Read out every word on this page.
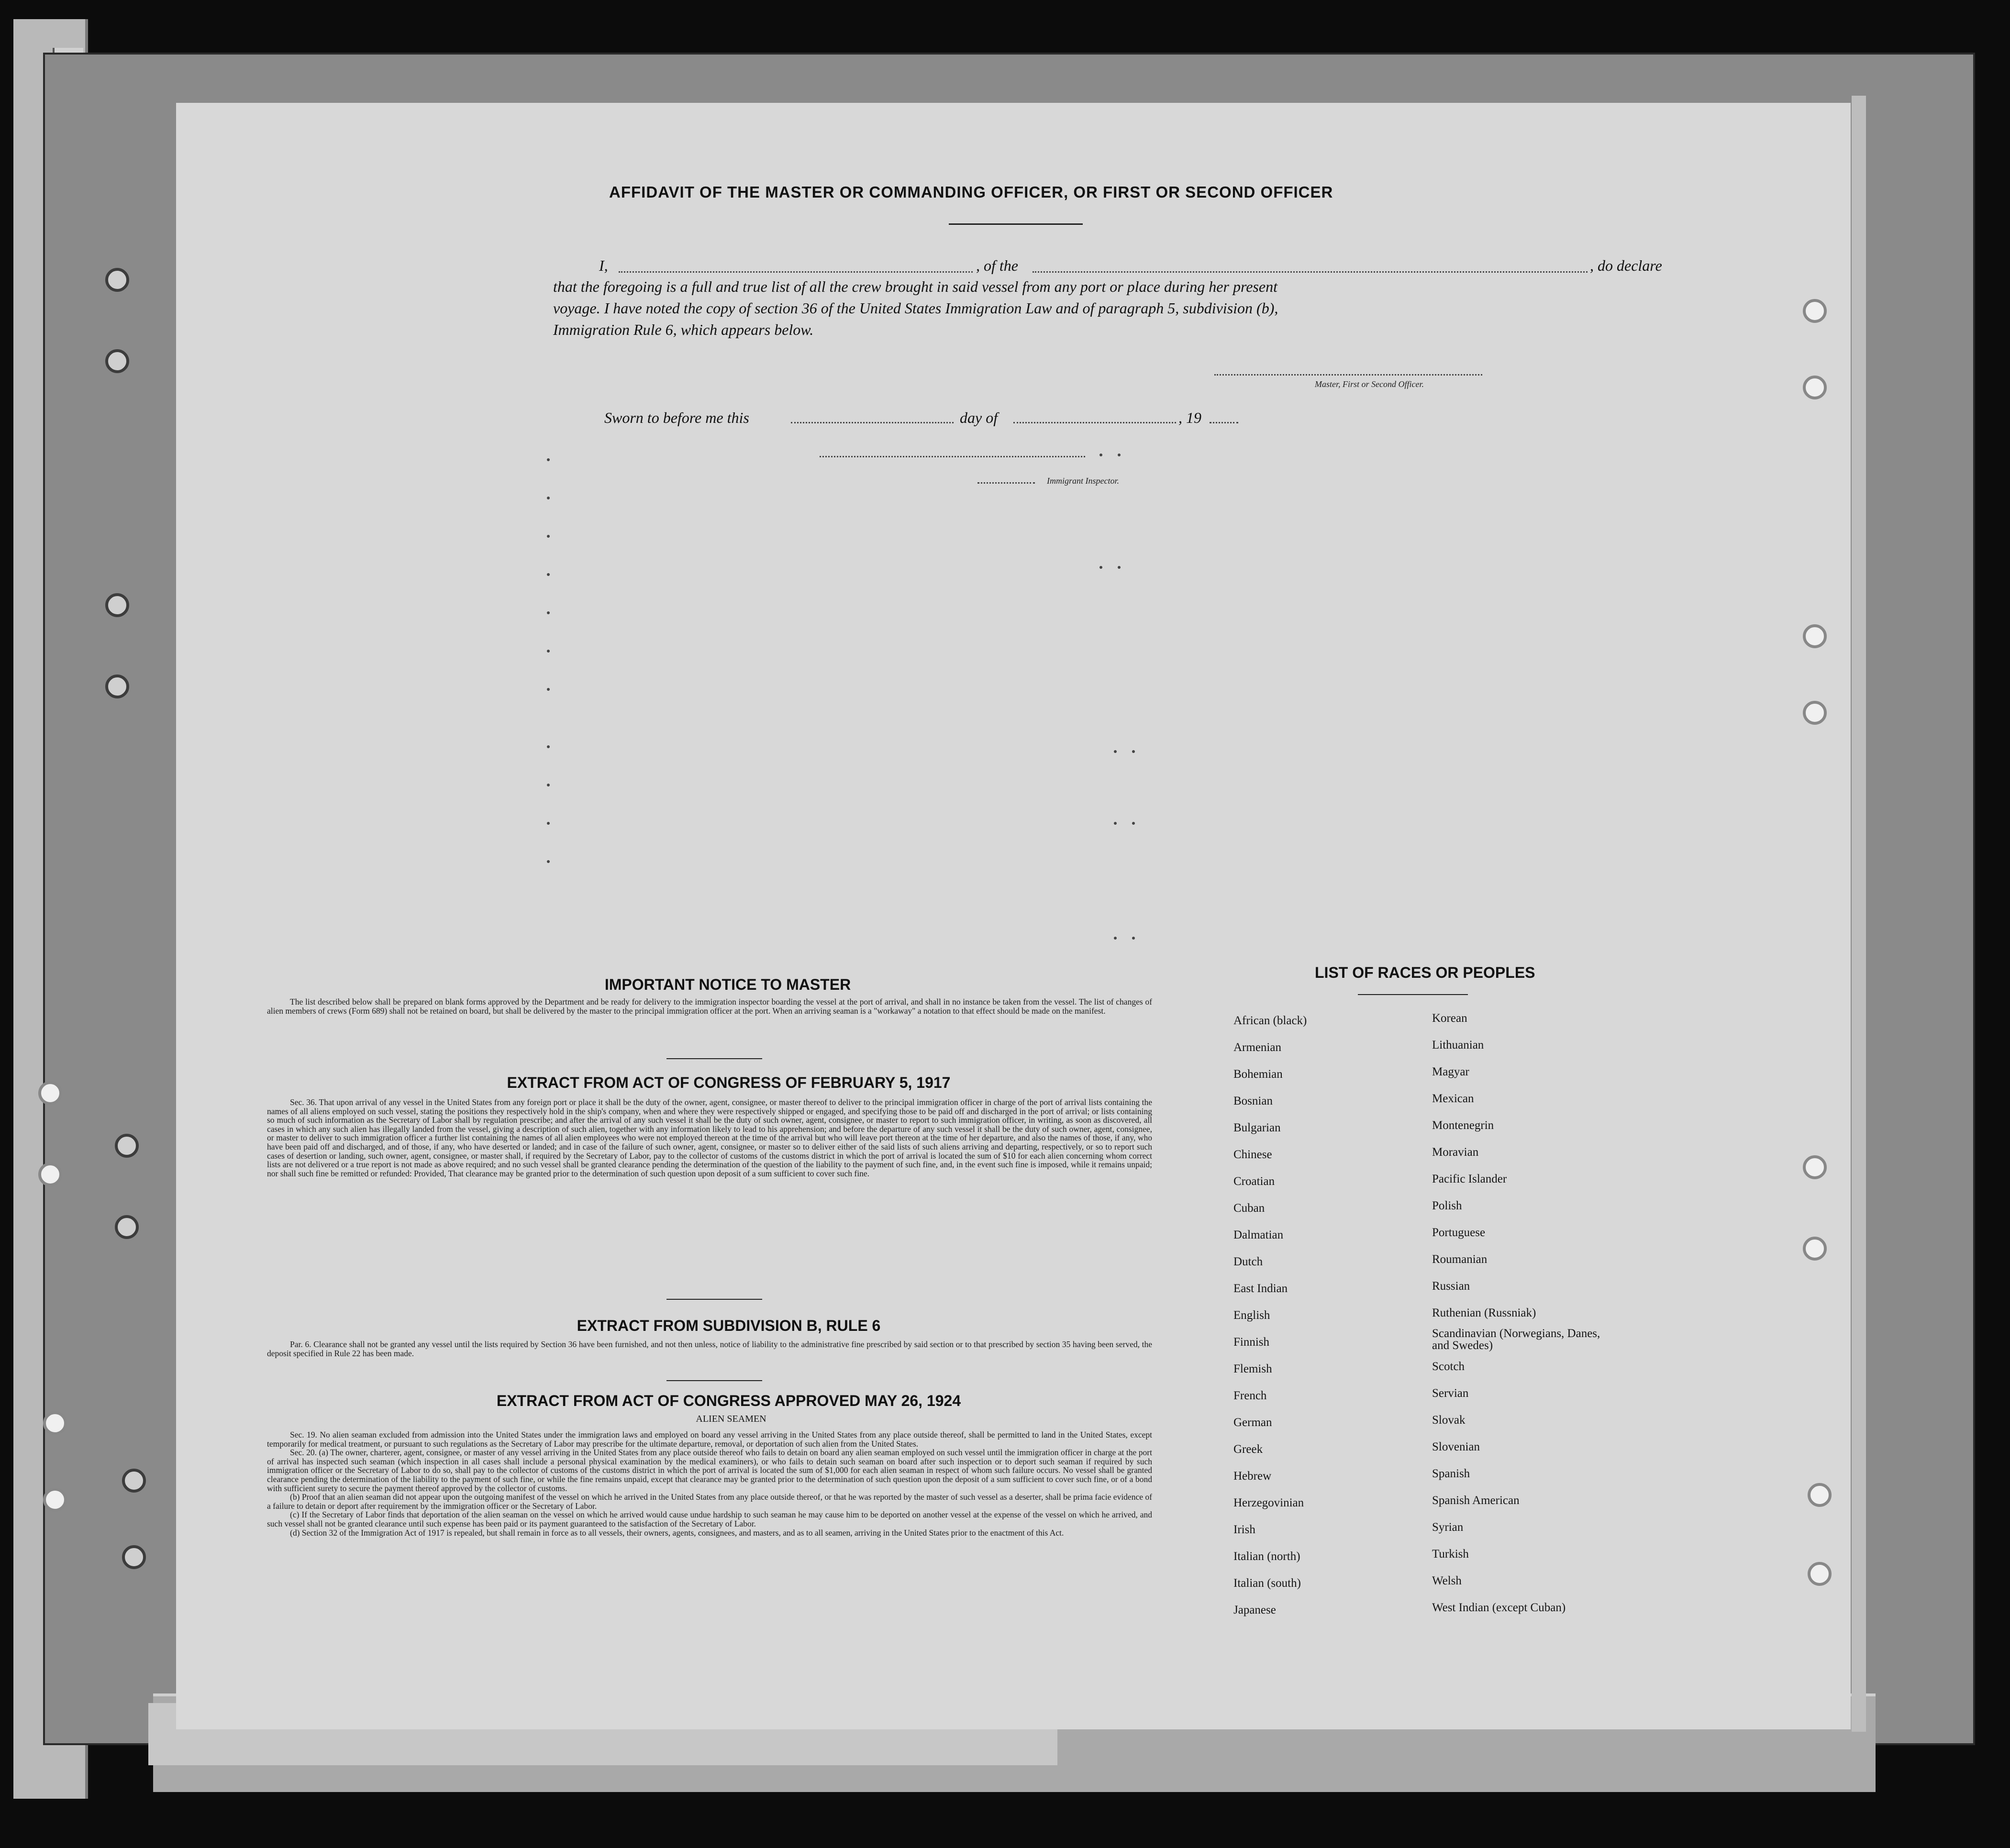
AFFIDAVIT OF THE MASTER OR COMMANDING OFFICER, OR FIRST OR SECOND OFFICER
I,	, of the	, do declare
that the foregoing is a full and true list of all the crew brought in said vessel from any port or place during her present
voyage. I have noted the copy of section 36 of the United States Immigration Law and of paragraph 5, subdivision (b),
Immigration Rule 6, which appears below.
Master, First or Second Officer.
Sworn to before me this	day of	, 19
Immigrant Inspector.
IMPORTANT NOTICE TO MASTER

The list described below shall be prepared on blank forms approved by the Department and be ready for delivery to the immigration inspector boarding the vessel at the port of arrival, and shall in no instance be taken from the vessel. The list of changes of alien members of crews (Form 689) shall not be retained on board, but shall be delivered by the master to the principal immigration officer at the port. When an arriving seaman is a "workaway" a notation to that effect should be made on the manifest.

EXTRACT FROM ACT OF CONGRESS OF FEBRUARY 5, 1917

Sec. 36. That upon arrival of any vessel in the United States from any foreign port or place it shall be the duty of the owner, agent, consignee, or master thereof to deliver to the principal immigration officer in charge of the port of arrival lists containing the names of all aliens employed on such vessel, stating the positions they respectively hold in the ship's company, when and where they were respectively shipped or engaged, and specifying those to be paid off and discharged in the port of arrival; or lists containing so much of such information as the Secretary of Labor shall by regulation prescribe; and after the arrival of any such vessel it shall be the duty of such owner, agent, consignee, or master to report to such immigration officer, in writing, as soon as discovered, all cases in which any such alien has illegally landed from the vessel, giving a description of such alien, together with any information likely to lead to his apprehension; and before the departure of any such vessel it shall be the duty of such owner, agent, consignee, or master to deliver to such immigration officer a further list containing the names of all alien employees who were not employed thereon at the time of the arrival but who will leave port thereon at the time of her departure, and also the names of those, if any, who have been paid off and discharged, and of those, if any, who have deserted or landed; and in case of the failure of such owner, agent, consignee, or master so to deliver either of the said lists of such aliens arriving and departing, respectively, or so to report such cases of desertion or landing, such owner, agent, consignee, or master shall, if required by the Secretary of Labor, pay to the collector of customs of the customs district in which the port of arrival is located the sum of $10 for each alien concerning whom correct lists are not delivered or a true report is not made as above required; and no such vessel shall be granted clearance pending the determination of the question of the liability to the payment of such fine, and, in the event such fine is imposed, while it remains unpaid; nor shall such fine be remitted or refunded: Provided, That clearance may be granted prior to the determination of such question upon deposit of a sum sufficient to cover such fine.

EXTRACT FROM SUBDIVISION B, RULE 6

Par. 6. Clearance shall not be granted any vessel until the lists required by Section 36 have been furnished, and not then unless, notice of liability to the administrative fine prescribed by said section or to that prescribed by section 35 having been served, the deposit specified in Rule 22 has been made.

EXTRACT FROM ACT OF CONGRESS APPROVED MAY 26, 1924
ALIEN SEAMEN

Sec. 19. No alien seaman excluded from admission into the United States under the immigration laws and employed on board any vessel arriving in the United States from any place outside thereof, shall be permitted to land in the United States, except temporarily for medical treatment, or pursuant to such regulations as the Secretary of Labor may prescribe for the ultimate departure, removal, or deportation of such alien from the United States.

Sec. 20. (a) The owner, charterer, agent, consignee, or master of any vessel arriving in the United States from any place outside thereof who fails to detain on board any alien seaman employed on such vessel until the immigration officer in charge at the port of arrival has inspected such seaman (which inspection in all cases shall include a personal physical examination by the medical examiners), or who fails to detain such seaman on board after such inspection or to deport such seaman if required by such immigration officer or the Secretary of Labor to do so, shall pay to the collector of customs of the customs district in which the port of arrival is located the sum of $1,000 for each alien seaman in respect of whom such failure occurs. No vessel shall be granted clearance pending the determination of the liability to the payment of such fine, or while the fine remains unpaid, except that clearance may be granted prior to the determination of such question upon the deposit of a sum sufficient to cover such fine, or of a bond with sufficient surety to secure the payment thereof approved by the collector of customs.

(b) Proof that an alien seaman did not appear upon the outgoing manifest of the vessel on which he arrived in the United States from any place outside thereof, or that he was reported by the master of such vessel as a deserter, shall be prima facie evidence of a failure to detain or deport after requirement by the immigration officer or the Secretary of Labor.

(c) If the Secretary of Labor finds that deportation of the alien seaman on the vessel on which he arrived would cause undue hardship to such seaman he may cause him to be deported on another vessel at the expense of the vessel on which he arrived, and such vessel shall not be granted clearance until such expense has been paid or its payment guaranteed to the satisfaction of the Secretary of Labor.

(d) Section 32 of the Immigration Act of 1917 is repealed, but shall remain in force as to all vessels, their owners, agents, consignees, and masters, and as to all seamen, arriving in the United States prior to the enactment of this Act.

LIST OF RACES OR PEOPLES
African (black)
Armenian
Bohemian
Bosnian
Bulgarian
Chinese
Croatian
Cuban
Dalmatian
Dutch
East Indian
English
Finnish
Flemish
French
German
Greek
Hebrew
Herzegovinian
Irish
Italian (north)
Italian (south)
Japanese
Korean
Lithuanian
Magyar
Mexican
Montenegrin
Moravian
Pacific Islander
Polish
Portuguese
Roumanian
Russian
Ruthenian (Russniak)
Scandinavian (Norwegians, Danes, and Swedes)
Scotch
Servian
Slovak
Slovenian
Spanish
Spanish American
Syrian
Turkish
Welsh
West Indian (except Cuban)
